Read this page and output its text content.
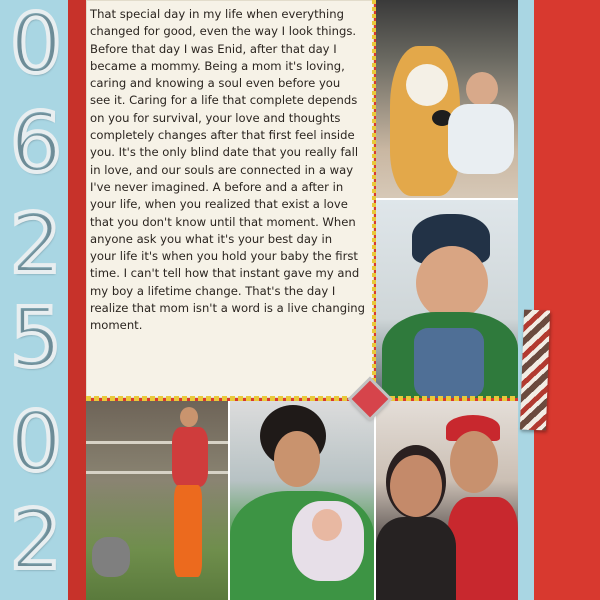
0
6
2
5
0
2
That special day in my life when everything
changed for good, even the way I look things.
Before that day I was Enid, after that day I
became a mommy. Being a mom it's loving,
caring and knowing a soul even before you
see it. Caring for a life that complete depends
on you for survival, your love and thoughts
completely changes after that first feel inside
you. It's the only blind date that you really fall
in love, and our souls are connected in a way
I've never imagined. A before and a after in
your life, when you realized that exist a love
that you don't know until that moment. When
anyone ask you what it's your best day in
your life it's when you hold your baby the first
time. I can't tell how that instant gave my and
my boy a lifetime change. That's the day I
realize that mom isn't a word is a live changing
moment.
